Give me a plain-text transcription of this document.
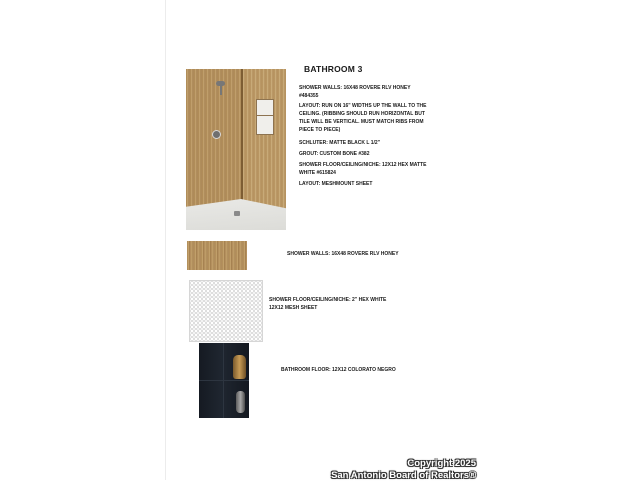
BATHROOM 3
SHOWER WALLS: 16X48 ROVERE RLV HONEY #484355
LAYOUT: RUN ON 16" WIDTHS UP THE WALL TO THE CEILING. (RIBBING SHOULD RUN HORIZONTAL BUT TILE WILL BE VERTICAL. MUST MATCH RIBS FROM PIECE TO PIECE)
SCHLUTER: MATTE BLACK L 1/2"
GROUT: CUSTOM BONE #382
SHOWER FLOOR/CEILING/NICHE: 12X12 HEX MATTE WHITE #615824
LAYOUT: MESHMOUNT SHEET
SHOWER WALLS: 16X48 ROVERE RLV HONEY
SHOWER FLOOR/CEILING/NICHE: 2" HEX WHITE
12X12 MESH SHEET
BATHROOM FLOOR: 12X12 COLORATO NEGRO
Copyright 2025
San Antonio Board of Realtors®
